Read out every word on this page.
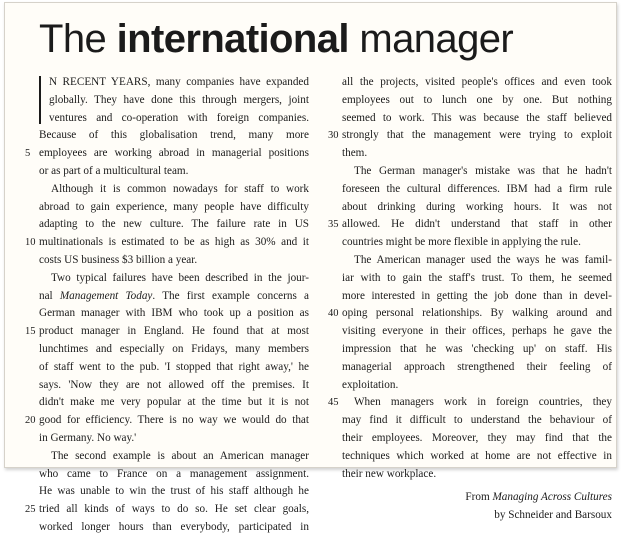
The international manager
N RECENT YEARS, many companies have expanded
globally. They have done this through mergers, joint
ventures and co-operation with foreign companies.
Because of this globalisation trend, many more
5 employees are working abroad in managerial positions
or as part of a multicultural team.
Although it is common nowadays for staff to work
abroad to gain experience, many people have difficulty
adapting to the new culture. The failure rate in US
10 multinationals is estimated to be as high as 30% and it
costs US business $3 billion a year.
Two typical failures have been described in the jour-
nal Management Today. The first example concerns a
German manager with IBM who took up a position as
15 product manager in England. He found that at most
lunchtimes and especially on Fridays, many members
of staff went to the pub. 'I stopped that right away,' he
says. 'Now they are not allowed off the premises. It
didn't make me very popular at the time but it is not
20 good for efficiency. There is no way we would do that
in Germany. No way.'
The second example is about an American manager
who came to France on a management assignment.
He was unable to win the trust of his staff although he
25 tried all kinds of ways to do so. He set clear goals,
worked longer hours than everybody, participated in
all the projects, visited people's offices and even took
employees out to lunch one by one. But nothing
seemed to work. This was because the staff believed
30 strongly that the management were trying to exploit
them.
The German manager's mistake was that he hadn't
foreseen the cultural differences. IBM had a firm rule
about drinking during working hours. It was not
35 allowed. He didn't understand that staff in other
countries might be more flexible in applying the rule.
The American manager used the ways he was famil-
iar with to gain the staff's trust. To them, he seemed
more interested in getting the job done than in devel-
40 oping personal relationships. By walking around and
visiting everyone in their offices, perhaps he gave the
impression that he was 'checking up' on staff. His
managerial approach strengthened their feeling of
exploitation.
45	When managers work in foreign countries, they
may find it difficult to understand the behaviour of
their employees. Moreover, they may find that the
techniques which worked at home are not effective in
their new workplace.
From Managing Across Cultures
by Schneider and Barsoux
